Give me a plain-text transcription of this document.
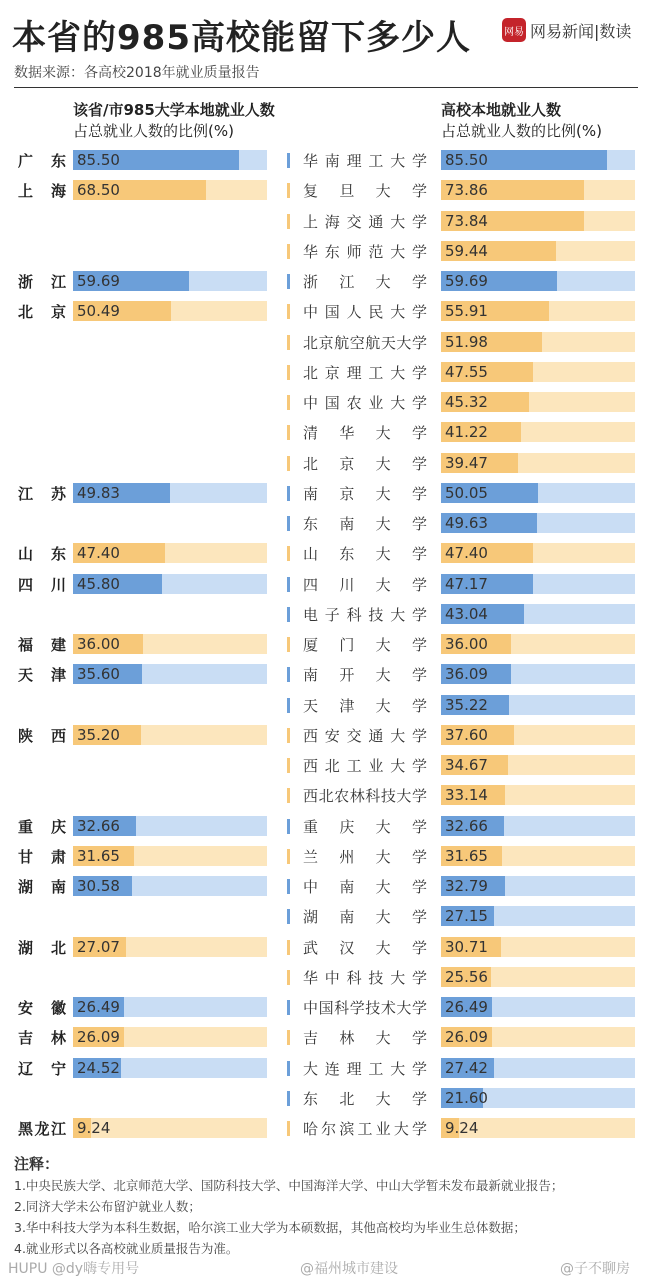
本省的985高校能留下多少人
数据来源：各高校2018年就业质量报告
网易 网易新闻|数读
该省/市985大学本地就业人数
占总就业人数的比例(%)
高校本地就业人数
占总就业人数的比例(%)
广东 85.50	华南理工大学 85.50
上海 68.50	复旦大学 73.86
上海交通大学 73.84
华东师范大学 59.44
浙江 59.69	浙江大学 59.69
北京 50.49	中国人民大学 55.91
北京航空航天大学 51.98
北京理工大学 47.55
中国农业大学 45.32
清华大学 41.22
北京大学 39.47
江苏 49.83	南京大学 50.05
东南大学 49.63
山东 47.40	山东大学 47.40
四川 45.80	四川大学 47.17
电子科技大学 43.04
福建 36.00	厦门大学 36.00
天津 35.60	南开大学 36.09
天津大学 35.22
陕西 35.20	西安交通大学 37.60
西北工业大学 34.67
西北农林科技大学 33.14
重庆 32.66	重庆大学 32.66
甘肃 31.65	兰州大学 31.65
湖南 30.58	中南大学 32.79
湖南大学 27.15
湖北 27.07	武汉大学 30.71
华中科技大学 25.56
安徽 26.49	中国科学技术大学 26.49
吉林 26.09	吉林大学 26.09
辽宁 24.52	大连理工大学 27.42
东北大学 21.60
黑龙江 9.24	哈尔滨工业大学 9.24
注释：
1.中央民族大学、北京师范大学、国防科技大学、中国海洋大学、中山大学暂未发布最新就业报告；
2.同济大学未公布留沪就业人数；
3.华中科技大学为本科生数据，哈尔滨工业大学为本硕数据，其他高校均为毕业生总体数据；
4.就业形式以各高校就业质量报告为准。
HUPU @dy嗨专用号	@福州城市建设	@子不聊房
